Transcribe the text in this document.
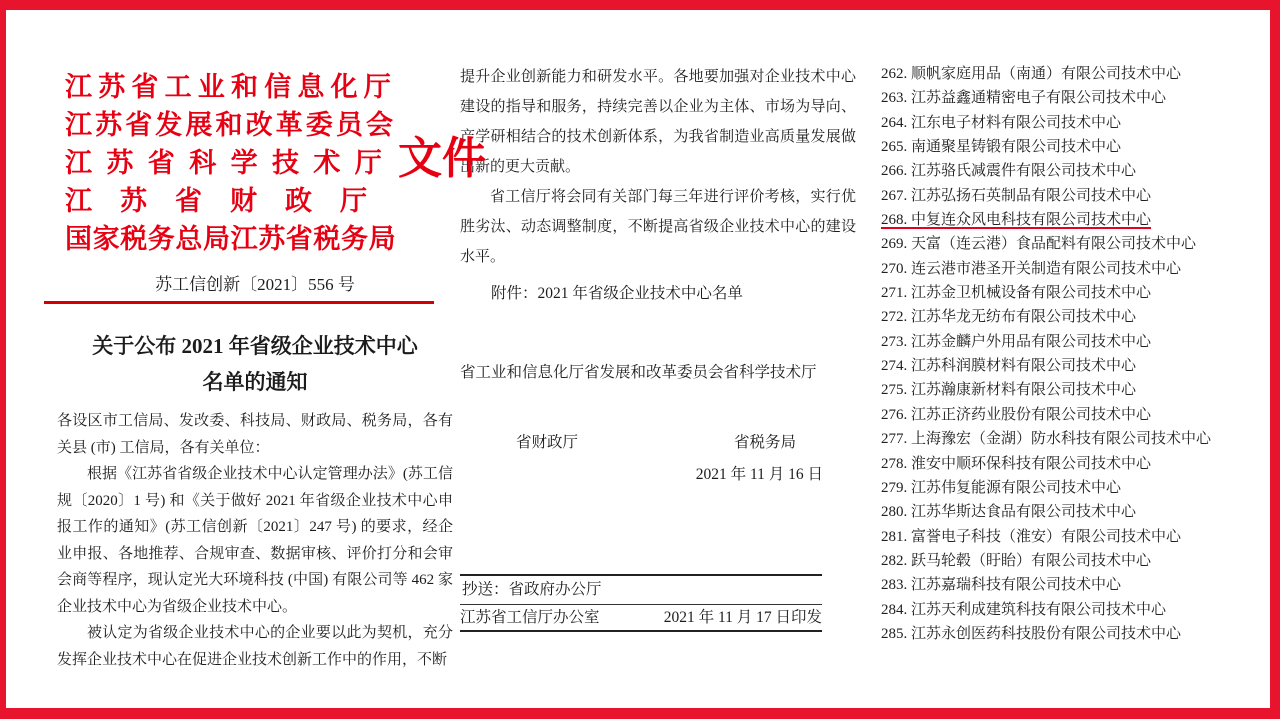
江苏省工业和信息化厅
江苏省发展和改革委员会
江苏省科学技术厅
江苏省财政厅
国家税务总局江苏省税务局
文件
苏工信创新〔2021〕556 号
关于公布 2021 年省级企业技术中心
名单的通知

各设区市工信局、发改委、科技局、财政局、税务局，各有关县 (市) 工信局，各有关单位：

根据《江苏省省级企业技术中心认定管理办法》(苏工信规〔2020〕1 号) 和《关于做好 2021 年省级企业技术中心申报工作的通知》(苏工信创新〔2021〕247 号) 的要求，经企业申报、各地推荐、合规审查、数据审核、评价打分和会审会商等程序，现认定光大环境科技 (中国) 有限公司等 462 家企业技术中心为省级企业技术中心。

被认定为省级企业技术中心的企业要以此为契机，充分发挥企业技术中心在促进企业技术创新工作中的作用，不断

提升企业创新能力和研发水平。各地要加强对企业技术中心建设的指导和服务，持续完善以企业为主体、市场为导向、产学研相结合的技术创新体系，为我省制造业高质量发展做出新的更大贡献。

省工信厅将会同有关部门每三年进行评价考核，实行优胜劣汰、动态调整制度，不断提高省级企业技术中心的建设水平。

附件：2021 年省级企业技术中心名单
省工业和信息化厅 省发展和改革委员会 省科学技术厅
省财政厅	省税务局
2021 年 11 月 16 日
抄送：省政府办公厅
江苏省工信厅办公室	2021 年 11 月 17 日印发
262. 顺帆家庭用品（南通）有限公司技术中心
263. 江苏益鑫通精密电子有限公司技术中心
264. 江东电子材料有限公司技术中心
265. 南通聚星铸锻有限公司技术中心
266. 江苏骆氏减震件有限公司技术中心
267. 江苏弘扬石英制品有限公司技术中心
268. 中复连众风电科技有限公司技术中心
269. 天富（连云港）食品配料有限公司技术中心
270. 连云港市港圣开关制造有限公司技术中心
271. 江苏金卫机械设备有限公司技术中心
272. 江苏华龙无纺布有限公司技术中心
273. 江苏金麟户外用品有限公司技术中心
274. 江苏科润膜材料有限公司技术中心
275. 江苏瀚康新材料有限公司技术中心
276. 江苏正济药业股份有限公司技术中心
277. 上海豫宏（金湖）防水科技有限公司技术中心
278. 淮安中顺环保科技有限公司技术中心
279. 江苏伟复能源有限公司技术中心
280. 江苏华斯达食品有限公司技术中心
281. 富誉电子科技（淮安）有限公司技术中心
282. 跃马轮毂（盱眙）有限公司技术中心
283. 江苏嘉瑞科技有限公司技术中心
284. 江苏天利成建筑科技有限公司技术中心
285. 江苏永创医药科技股份有限公司技术中心
